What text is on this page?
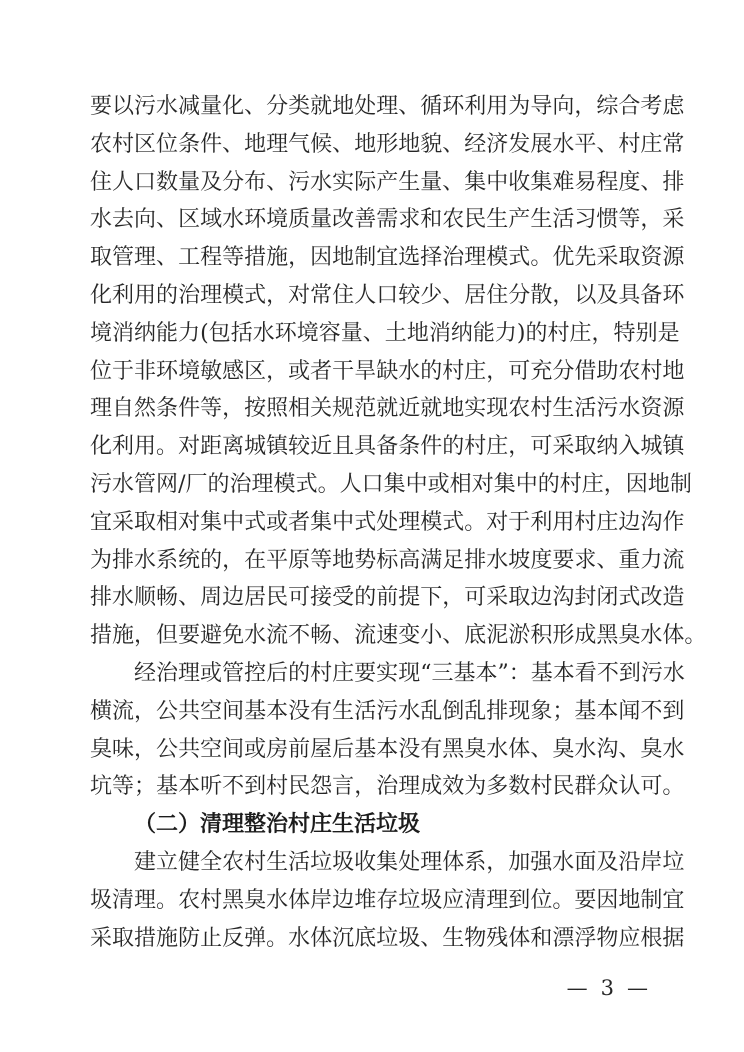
要 以 污 水 减 量 化 、 分 类 就 地 处 理 、 循 环 利 用 为 导 向 ， 综 合 考 虑
农 村 区 位 条 件 、 地 理 气 候 、 地 形 地 貌 、 经 济 发 展 水 平 、 村 庄 常
住 人 口 数 量 及 分 布 、 污 水 实 际 产 生 量 、 集 中 收 集 难 易 程 度 、 排
水 去 向 、 区 域 水 环 境 质 量 改 善 需 求 和 农 民 生 产 生 活 习 惯 等 ， 采
取 管 理 、 工 程 等 措 施 ， 因 地 制 宜 选 择 治 理 模 式 。 优 先 采 取 资 源
化 利 用 的 治 理 模 式 ， 对 常 住 人 口 较 少 、 居 住 分 散 ， 以 及 具 备 环
境 消 纳 能 力 ( 包 括 水 环 境 容 量 、 土 地 消 纳 能 力 ) 的 村 庄 ， 特 别 是
位 于 非 环 境 敏 感 区 ， 或 者 干 旱 缺 水 的 村 庄 ， 可 充 分 借 助 农 村 地
理 自 然 条 件 等 ， 按 照 相 关 规 范 就 近 就 地 实 现 农 村 生 活 污 水 资 源
化 利 用 。 对 距 离 城 镇 较 近 且 具 备 条 件 的 村 庄 ， 可 采 取 纳 入 城 镇
污 水 管 网 / 厂 的 治 理 模 式 。 人 口 集 中 或 相 对 集 中 的 村 庄 ， 因 地 制
宜 采 取 相 对 集 中 式 或 者 集 中 式 处 理 模 式 。 对 于 利 用 村 庄 边 沟 作
为 排 水 系 统 的 ， 在 平 原 等 地 势 标 高 满 足 排 水 坡 度 要 求 、 重 力 流
排 水 顺 畅 、 周 边 居 民 可 接 受 的 前 提 下 ， 可 采 取 边 沟 封 闭 式 改 造
措 施 ， 但 要 避 免 水 流 不 畅 、 流 速 变 小 、 底 泥 淤 积 形 成 黑 臭 水 体 。
经 治 理 或 管 控 后 的 村 庄 要 实 现 “ 三 基 本 ” ： 基 本 看 不 到 污 水
横 流 ， 公 共 空 间 基 本 没 有 生 活 污 水 乱 倒 乱 排 现 象 ； 基 本 闻 不 到
臭 味 ， 公 共 空 间 或 房 前 屋 后 基 本 没 有 黑 臭 水 体 、 臭 水 沟 、 臭 水
坑 等 ； 基 本 听 不 到 村 民 怨 言 ， 治 理 成 效 为 多 数 村 民 群 众 认 可 。
（二）清理整治村庄生活垃圾
建 立 健 全 农 村 生 活 垃 圾 收 集 处 理 体 系 ， 加 强 水 面 及 沿 岸 垃
圾 清 理 。 农 村 黑 臭 水 体 岸 边 堆 存 垃 圾 应 清 理 到 位 。 要 因 地 制 宜
采 取 措 施 防 止 反 弹 。 水 体 沉 底 垃 圾 、 生 物 残 体 和 漂 浮 物 应 根 据
— 3 —
